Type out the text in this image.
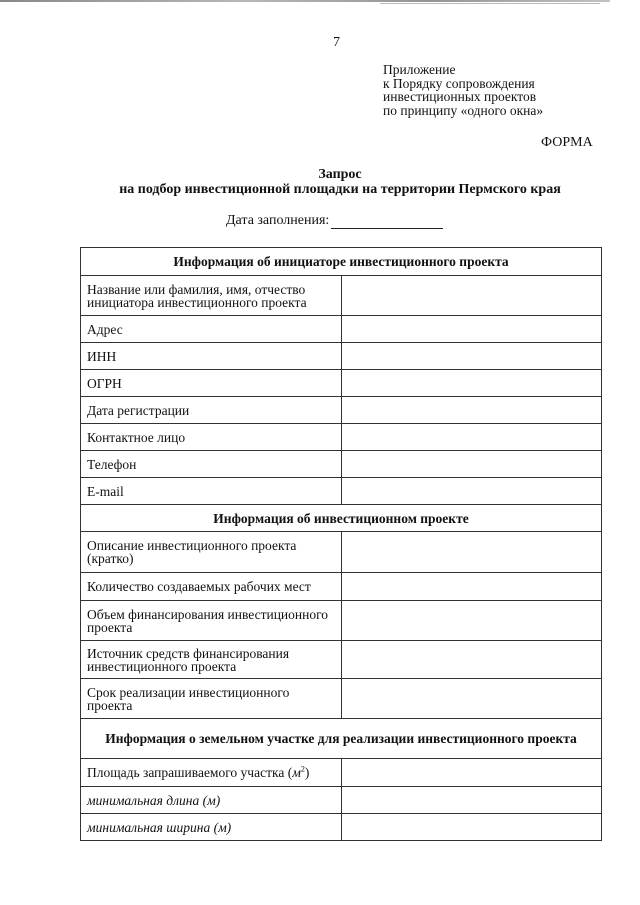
7
Приложение
к Порядку сопровождения
инвестиционных проектов
по принципу «одного окна»
ФОРМА
Запрос
на подбор инвестиционной площадки на территории Пермского края
Дата заполнения:
Информация об инициаторе инвестиционного проекта	
Название или фамилия, имя, отчество инициатора инвестиционного проекта	
Адрес	
ИНН	
ОГРН	
Дата регистрации	
Контактное лицо	
Телефон	
E-mail	
Информация об инвестиционном проекте	
Описание инвестиционного проекта (кратко)	
Количество создаваемых рабочих мест	
Объем финансирования инвестиционного проекта	
Источник средств финансирования инвестиционного проекта	
Срок реализации инвестиционного проекта	
Информация о земельном участке для реализации инвестиционного проекта	
Площадь запрашиваемого участка $(м^2)$	
минимальная длина (м)	
минимальная ширина (м)	
